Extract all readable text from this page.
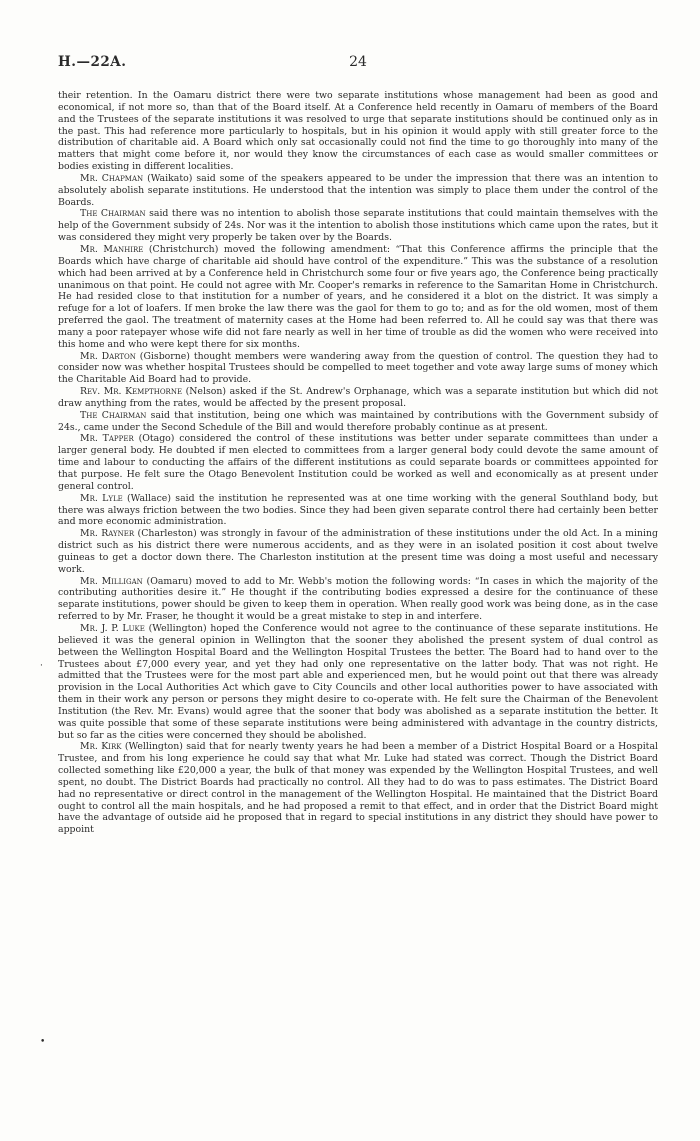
H.—22A.	24

their retention. In the Oamaru district there were two separate institutions whose management had been as good and economical, if not more so, than that of the Board itself. At a Conference held recently in Oamaru of members of the Board and the Trustees of the separate institutions it was resolved to urge that separate institutions should be continued only as in the past. This had reference more particularly to hospitals, but in his opinion it would apply with still greater force to the distribution of charitable aid. A Board which only sat occasionally could not find the time to go thoroughly into many of the matters that might come before it, nor would they know the circumstances of each case as would smaller committees or bodies existing in different localities.

Mr. Chapman (Waikato) said some of the speakers appeared to be under the impression that there was an intention to absolutely abolish separate institutions. He understood that the intention was simply to place them under the control of the Boards.

The Chairman said there was no intention to abolish those separate institutions that could maintain themselves with the help of the Government subsidy of 24s. Nor was it the intention to abolish those institutions which came upon the rates, but it was considered they might very properly be taken over by the Boards.

Mr. Manhire (Christchurch) moved the following amendment: “That this Conference affirms the principle that the Boards which have charge of charitable aid should have control of the expenditure.” This was the substance of a resolution which had been arrived at by a Conference held in Christchurch some four or five years ago, the Conference being practically unanimous on that point. He could not agree with Mr. Cooper's remarks in reference to the Samaritan Home in Christchurch. He had resided close to that institution for a number of years, and he considered it a blot on the district. It was simply a refuge for a lot of loafers. If men broke the law there was the gaol for them to go to; and as for the old women, most of them preferred the gaol. The treatment of maternity cases at the Home had been referred to. All he could say was that there was many a poor ratepayer whose wife did not fare nearly as well in her time of trouble as did the women who were received into this home and who were kept there for six months.

Mr. Darton (Gisborne) thought members were wandering away from the question of control. The question they had to consider now was whether hospital Trustees should be compelled to meet together and vote away large sums of money which the Charitable Aid Board had to provide.

Rev. Mr. Kempthorne (Nelson) asked if the St. Andrew's Orphanage, which was a separate institution but which did not draw anything from the rates, would be affected by the present proposal.

The Chairman said that institution, being one which was maintained by contributions with the Government subsidy of 24s., came under the Second Schedule of the Bill and would therefore probably continue as at present.

Mr. Tapper (Otago) considered the control of these institutions was better under separate committees than under a larger general body. He doubted if men elected to committees from a larger general body could devote the same amount of time and labour to conducting the affairs of the different institutions as could separate boards or committees appointed for that purpose. He felt sure the Otago Benevolent Institution could be worked as well and economically as at present under general control.

Mr. Lyle (Wallace) said the institution he represented was at one time working with the general Southland body, but there was always friction between the two bodies. Since they had been given separate control there had certainly been better and more economic administration.

Mr. Rayner (Charleston) was strongly in favour of the administration of these institutions under the old Act. In a mining district such as his district there were numerous accidents, and as they were in an isolated position it cost about twelve guineas to get a doctor down there. The Charleston institution at the present time was doing a most useful and necessary work.

Mr. Milligan (Oamaru) moved to add to Mr. Webb's motion the following words: “In cases in which the majority of the contributing authorities desire it.” He thought if the contributing bodies expressed a desire for the continuance of these separate institutions, power should be given to keep them in operation. When really good work was being done, as in the case referred to by Mr. Fraser, he thought it would be a great mistake to step in and interfere.

Mr. J. P. Luke (Wellington) hoped the Conference would not agree to the continuance of these separate institutions. He believed it was the general opinion in Wellington that the sooner they abolished the present system of dual control as between the Wellington Hospital Board and the Wellington Hospital Trustees the better. The Board had to hand over to the Trustees about £7,000 every year, and yet they had only one representative on the latter body. That was not right. He admitted that the Trustees were for the most part able and experienced men, but he would point out that there was already provision in the Local Authorities Act which gave to City Councils and other local authorities power to have associated with them in their work any person or persons they might desire to co-operate with. He felt sure the Chairman of the Benevolent Institution (the Rev. Mr. Evans) would agree that the sooner that body was abolished as a separate institution the better. It was quite possible that some of these separate institutions were being administered with advantage in the country districts, but so far as the cities were concerned they should be abolished.

Mr. Kirk (Wellington) said that for nearly twenty years he had been a member of a District Hospital Board or a Hospital Trustee, and from his long experience he could say that what Mr. Luke had stated was correct. Though the District Board collected something like £20,000 a year, the bulk of that money was expended by the Wellington Hospital Trustees, and well spent, no doubt. The District Boards had practically no control. All they had to do was to pass estimates. The District Board had no representative or direct control in the management of the Wellington Hospital. He maintained that the District Board ought to control all the main hospitals, and he had proposed a remit to that effect, and in order that the District Board might have the advantage of outside aid he proposed that in regard to special institutions in any district they should have power to appoint

·
•
